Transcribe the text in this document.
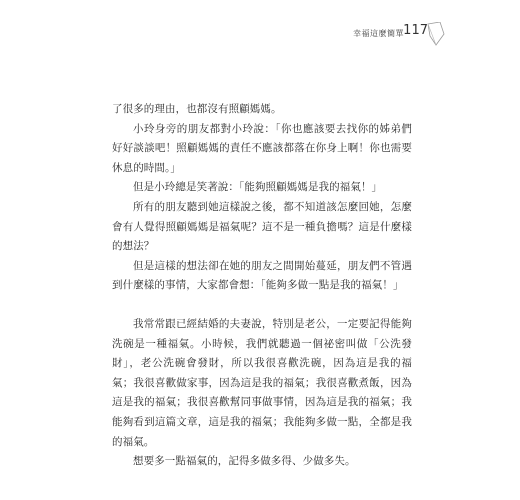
幸福這麼簡單 117

了很多的理由，也都沒有照顧媽媽。

小玲身旁的朋友都對小玲說：「你也應該要去找你的姊弟們好好談談吧！照顧媽媽的責任不應該都落在你身上啊！你也需要休息的時間。」

但是小玲總是笑著說：「能夠照顧媽媽是我的福氣！」

所有的朋友聽到她這樣說之後，都不知道該怎麼回她，怎麼會有人覺得照顧媽媽是福氣呢？這不是一種負擔嗎？這是什麼樣的想法？

但是這樣的想法卻在她的朋友之間開始蔓延，朋友們不管遇到什麼樣的事情，大家都會想：「能夠多做一點是我的福氣！」

我常常跟已經結婚的夫妻說，特別是老公，一定要記得能夠洗碗是一種福氣。小時候，我們就聽過一個祕密叫做「公洗發財」，老公洗碗會發財，所以我很喜歡洗碗，因為這是我的福氣；我很喜歡做家事，因為這是我的福氣；我很喜歡煮飯，因為這是我的福氣；我很喜歡幫同事做事情，因為這是我的福氣；我能夠看到這篇文章，這是我的福氣；我能夠多做一點，全都是我的福氣。

想要多一點福氣的，記得多做多得、少做多失。
